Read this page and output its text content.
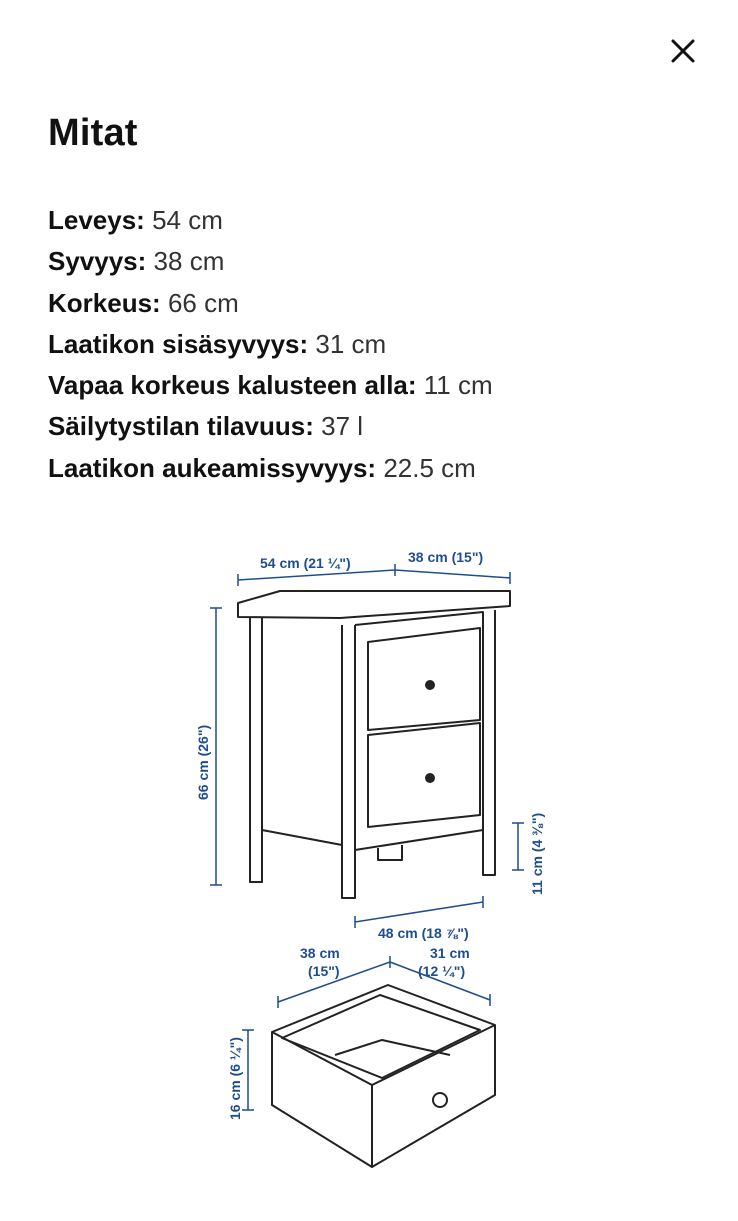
Mitat
Leveys: 54 cm
Syvyys: 38 cm
Korkeus: 66 cm
Laatikon sisäsyvyys: 31 cm
Vapaa korkeus kalusteen alla: 11 cm
Säilytystilan tilavuus: 37 l
Laatikon aukeamissyvyys: 22.5 cm
54 cm (21 ¼")	38 cm (15")
66 cm (26")
11 cm (4 ⅜")
48 cm (18 ⅞")
38 cm
(15")
31 cm
(12 ¼")
16 cm (6 ¼")
